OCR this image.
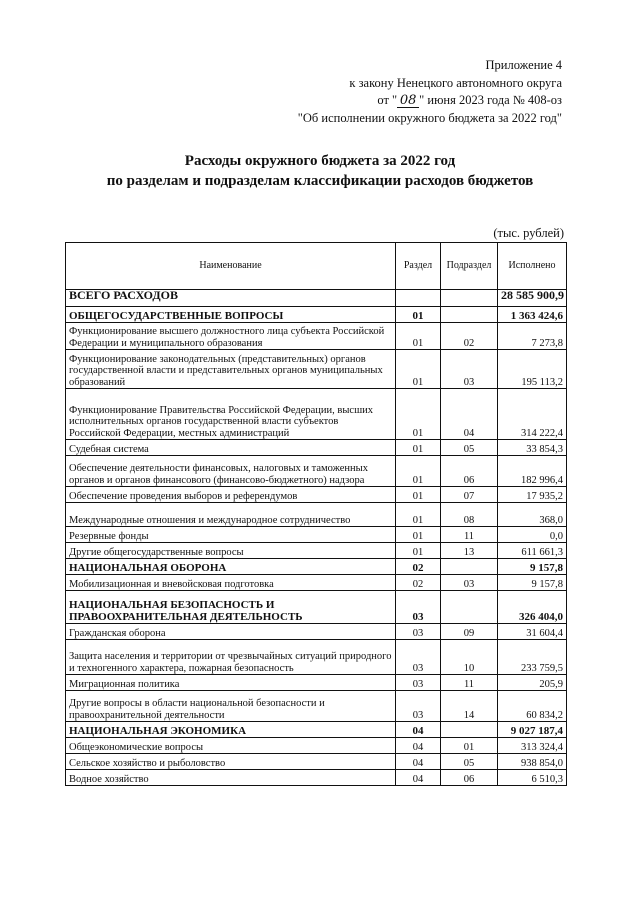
Приложение 4
к закону Ненецкого автономного округа
от " 08 " июня 2023 года № 408-оз
"Об исполнении окружного бюджета за 2022 год"
Расходы окружного бюджета за 2022 год
по разделам и подразделам классификации расходов бюджетов
(тыс. рублей)
Наименование	Раздел	Подраздел	Исполнено
ВСЕГО РАСХОДОВ			28 585 900,9
ОБЩЕГОСУДАРСТВЕННЫЕ ВОПРОСЫ	01		1 363 424,6
Функционирование высшего должностного лица субъекта Российской Федерации и муниципального образования	01	02	7 273,8
Функционирование законодательных (представительных) органов государственной власти и представительных органов муниципальных образований	01	03	195 113,2
Функционирование Правительства Российской Федерации, высших исполнительных органов государственной власти субъектов Российской Федерации, местных администраций	01	04	314 222,4
Судебная система	01	05	33 854,3
Обеспечение деятельности финансовых, налоговых и таможенных органов и органов финансового (финансово-бюджетного) надзора	01	06	182 996,4
Обеспечение проведения выборов и референдумов	01	07	17 935,2
Международные отношения и международное сотрудничество	01	08	368,0
Резервные фонды	01	11	0,0
Другие общегосударственные вопросы	01	13	611 661,3
НАЦИОНАЛЬНАЯ ОБОРОНА	02		9 157,8
Мобилизационная и вневойсковая подготовка	02	03	9 157,8
НАЦИОНАЛЬНАЯ БЕЗОПАСНОСТЬ И ПРАВООХРАНИТЕЛЬНАЯ ДЕЯТЕЛЬНОСТЬ	03		326 404,0
Гражданская оборона	03	09	31 604,4
Защита населения и территории от чрезвычайных ситуаций природного и техногенного характера, пожарная безопасность	03	10	233 759,5
Миграционная политика	03	11	205,9
Другие вопросы в области национальной безопасности и правоохранительной деятельности	03	14	60 834,2
НАЦИОНАЛЬНАЯ ЭКОНОМИКА	04		9 027 187,4
Общеэкономические вопросы	04	01	313 324,4
Сельское хозяйство и рыболовство	04	05	938 854,0
Водное хозяйство	04	06	6 510,3
